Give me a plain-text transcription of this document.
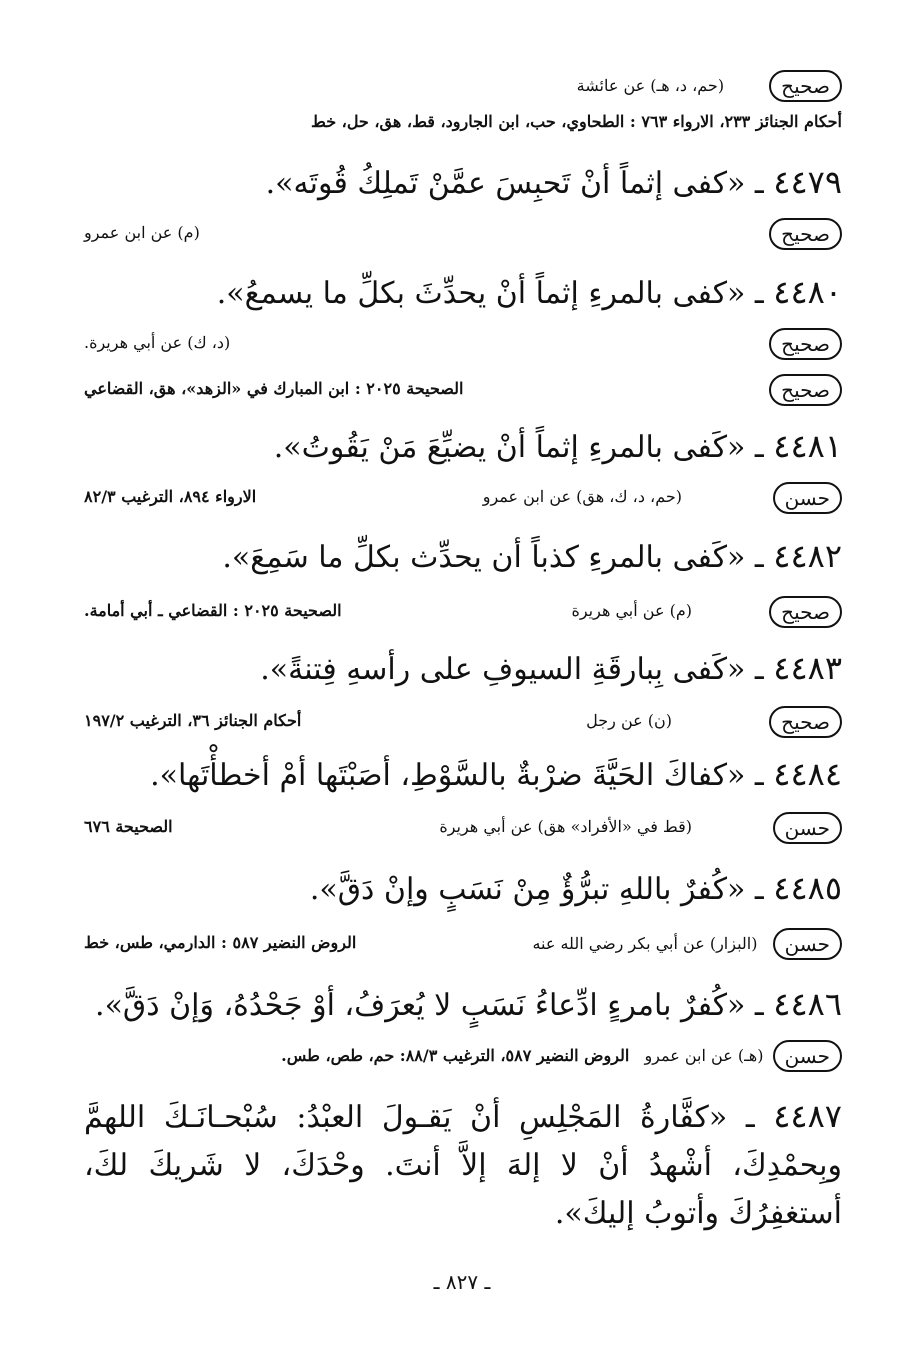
صحيح (حم، د، هـ) عن عائشة
أحكام الجنائز ٢٣٣، الارواء ٧٦٣ : الطحاوي، حب، ابن الجارود، قط، هق، حل، خط
٤٤٧٩ ـ «كفى إثماً أنْ تَحبِسَ عمَّنْ تَملِكُ قُوتَه».
صحيح
(م) عن ابن عمرو
٤٤٨٠ ـ «كفى بالمرءِ إثماً أنْ يحدِّثَ بكلِّ ما يسمعُ».
صحيح
(د، ك) عن أبي هريرة.
صحيح
الصحيحة ٢٠٢٥ : ابن المبارك في «الزهد»، هق، القضاعي
٤٤٨١ ـ «كَفى بالمرءِ إثماً أنْ يضيِّعَ مَنْ يَقُوتُ».
حسن
(حم، د، ك، هق) عن ابن عمرو
الارواء ٨٩٤، الترغيب ٨٢/٣
٤٤٨٢ ـ «كَفى بالمرءِ كذباً أن يحدِّث بكلِّ ما سَمِعَ».
صحيح
(م) عن أبي هريرة
الصحيحة ٢٠٢٥ : القضاعي ـ أبي أمامة.
٤٤٨٣ ـ «كَفى بِبارقَةِ السيوفِ على رأسهِ فِتنةً».
صحيح
(ن) عن رجل
أحكام الجنائز ٣٦، الترغيب ١٩٧/٢
٤٤٨٤ ـ «كفاكَ الحَيَّةَ ضرْبةٌ بالسَّوْطِ، أصَبْتَها أمْ أخطأْتَها».
حسن
(قط في «الأفراد» هق) عن أبي هريرة
الصحيحة ٦٧٦
٤٤٨٥ ـ «كُفرٌ باللهِ تبرُّؤٌ مِنْ نَسَبٍ وإنْ دَقَّ».
حسن (البزار) عن أبي بكر رضي الله عنه
الروض النضير ٥٨٧ : الدارمي، طس، خط
٤٤٨٦ ـ «كُفرٌ بامرءٍ ادِّعاءُ نَسَبٍ لا يُعرَفُ، أوْ جَحْدُهُ، وَإنْ دَقَّ».
حسن (هـ) عن ابن عمرو الروض النضير ٥٨٧، الترغيب ٨٨/٣: حم، طص، طس.
٤٤٨٧ ـ «كفَّارةُ المَجْلِسِ أنْ يَقـولَ العبْدُ: سُبْحـانَـكَ اللهمَّ وبِحمْدِكَ، أشْهدُ أنْ لا إلهَ إلاَّ أنتَ. وحْدَكَ، لا شَريكَ لكَ، أستغفِرُكَ وأتوبُ إليكَ».
ـ ٨٢٧ ـ
